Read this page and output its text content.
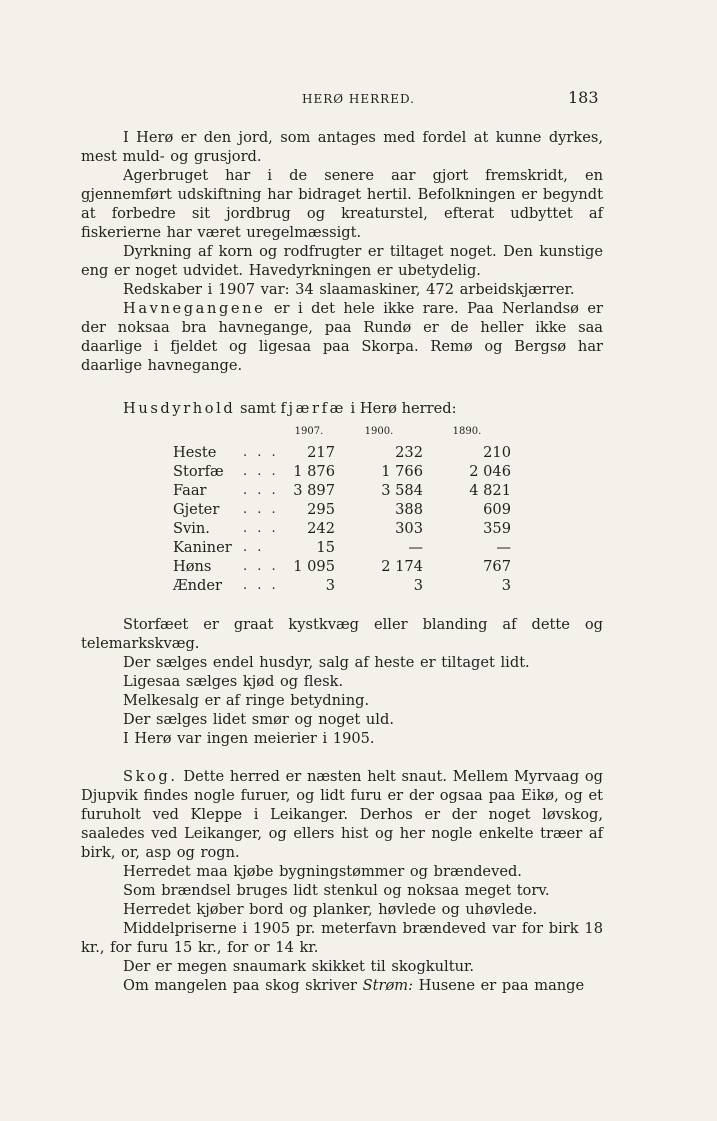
HERØ HERRED.	183

I Herø er den jord, som antages med fordel at kunne dyrkes, mest muld- og grusjord.

Agerbruget har i de senere aar gjort fremskridt, en gjennemført udskiftning har bidraget hertil. Befolkningen er begyndt at forbedre sit jordbrug og kreaturstel, efterat udbyttet af fiskerierne har været uregelmæssigt.

Dyrkning af korn og rodfrugter er tiltaget noget. Den kunstige eng er noget udvidet. Havedyrkningen er ubetydelig.

Redskaber i 1907 var: 34 slaamaskiner, 472 arbeidskjærrer.

Havnegangene er i det hele ikke rare. Paa Nerlandsø er der noksaa bra havnegange, paa Rundø er de heller ikke saa daarlige i fjeldet og ligesaa paa Skorpa. Remø og Bergsø har daarlige havnegange.

Husdyrhold samt fjærfæ i Herø herred:

		1907.	1900.	1890.
Heste	. . .	217	232	210
Storfæ	. . .	1 876	1 766	2 046
Faar	. . .	3 897	3 584	4 821
Gjeter	. . .	295	388	609
Svin.	. . .	242	303	359
Kaniner	. .	15	—	—
Høns	. . .	1 095	2 174	767
Ænder	. . .	3	3	3

Storfæet er graat kystkvæg eller blanding af dette og telemarkskvæg.

Der sælges endel husdyr, salg af heste er tiltaget lidt.

Ligesaa sælges kjød og flesk.

Melkesalg er af ringe betydning.

Der sælges lidet smør og noget uld.

I Herø var ingen meierier i 1905.

Skog. Dette herred er næsten helt snaut. Mellem Myrvaag og Djupvik findes nogle furuer, og lidt furu er der ogsaa paa Eikø, og et furuholt ved Kleppe i Leikanger. Derhos er der noget løvskog, saaledes ved Leikanger, og ellers hist og her nogle enkelte træer af birk, or, asp og rogn.

Herredet maa kjøbe bygningstømmer og brændeved.

Som brændsel bruges lidt stenkul og noksaa meget torv.

Herredet kjøber bord og planker, høvlede og uhøvlede.

Middelpriserne i 1905 pr. meterfavn brændeved var for birk 18 kr., for furu 15 kr., for or 14 kr.

Der er megen snaumark skikket til skogkultur.

Om mangelen paa skog skriver Strøm: Husene er paa mange
